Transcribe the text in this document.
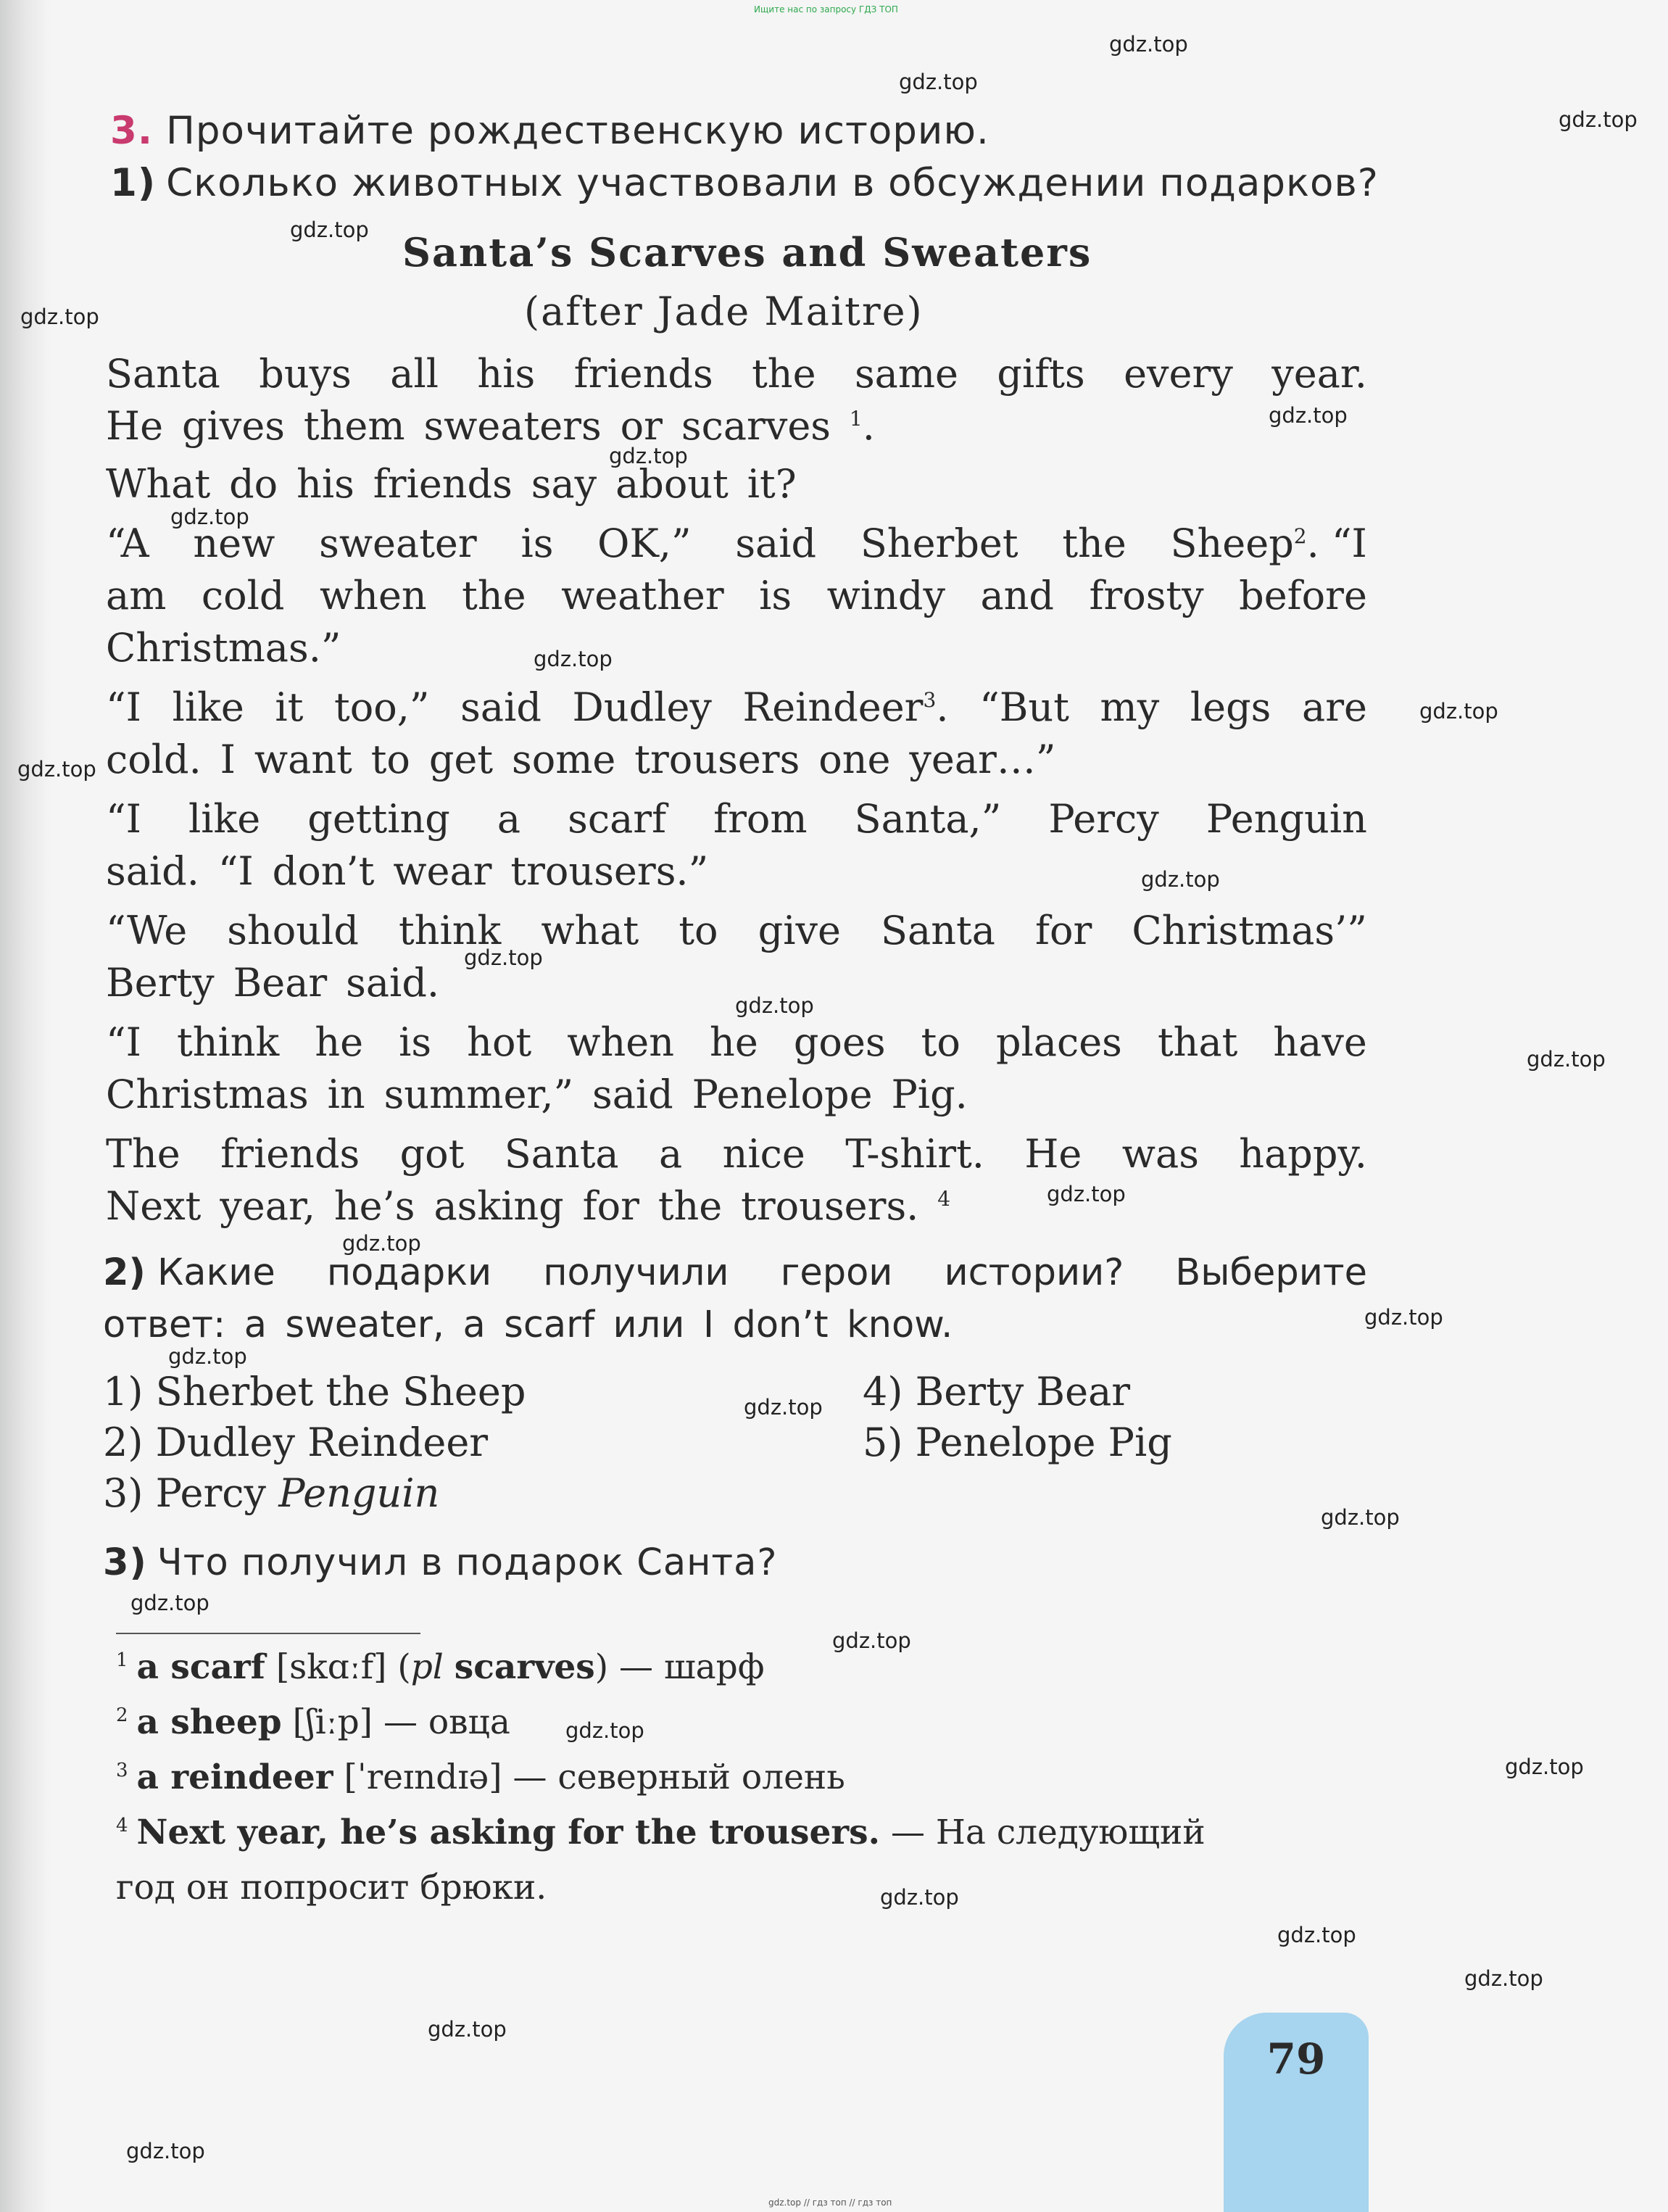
Ищите нас по запросу ГДЗ ТОП
3. Прочитайте рождественскую историю.
1) Сколько животных участвовали в обсуждении подарков?
Santa’s Scarves and Sweaters
(after Jade Maitre)
Santa buys all his friends the same gifts every year.
He gives them sweaters or scarves $^1$.
What do his friends say about it?
“A new sweater is OK,” said Sherbet the Sheep$^2$. “I
am cold when the weather is windy and frosty before
Christmas.”
“I like it too,” said Dudley Reindeer$^3$. “But my legs are
cold. I want to get some trousers one year…”
“I like getting a scarf from Santa,” Percy Penguin
said. “I don’t wear trousers.”
“We should think what to give Santa for Christmas’”
Berty Bear said.
“I think he is hot when he goes to places that have
Christmas in summer,” said Penelope Pig.
The friends got Santa a nice T-shirt. He was happy.
Next year, he’s asking for the trousers. $^4$
2) Какие подарки получили герои истории? Выберите
ответ: a sweater, a scarf или I don’t know.
1) Sherbet the Sheep
2) Dudley Reindeer
3) Percy Penguin
4) Berty Bear
5) Penelope Pig
3) Что получил в подарок Санта?
$^1$ a scarf [skɑːf] (pl scarves) — шарф
$^2$ a sheep [ʃiːp] — овца
$^3$ a reindeer [ˈreɪndɪə] — северный олень
$^4$ Next year, he’s asking for the trousers. — На следующий
год он попросит брюки.
79
gdz.top
gdz.top
gdz.top
gdz.top
gdz.top
gdz.top
gdz.top
gdz.top
gdz.top
gdz.top
gdz.top
gdz.top
gdz.top
gdz.top
gdz.top
gdz.top
gdz.top
gdz.top
gdz.top
gdz.top
gdz.top
gdz.top
gdz.top
gdz.top
gdz.top
gdz.top
gdz.top
gdz.top
gdz.top
gdz.top
gdz.top // гдз топ // гдз топ
